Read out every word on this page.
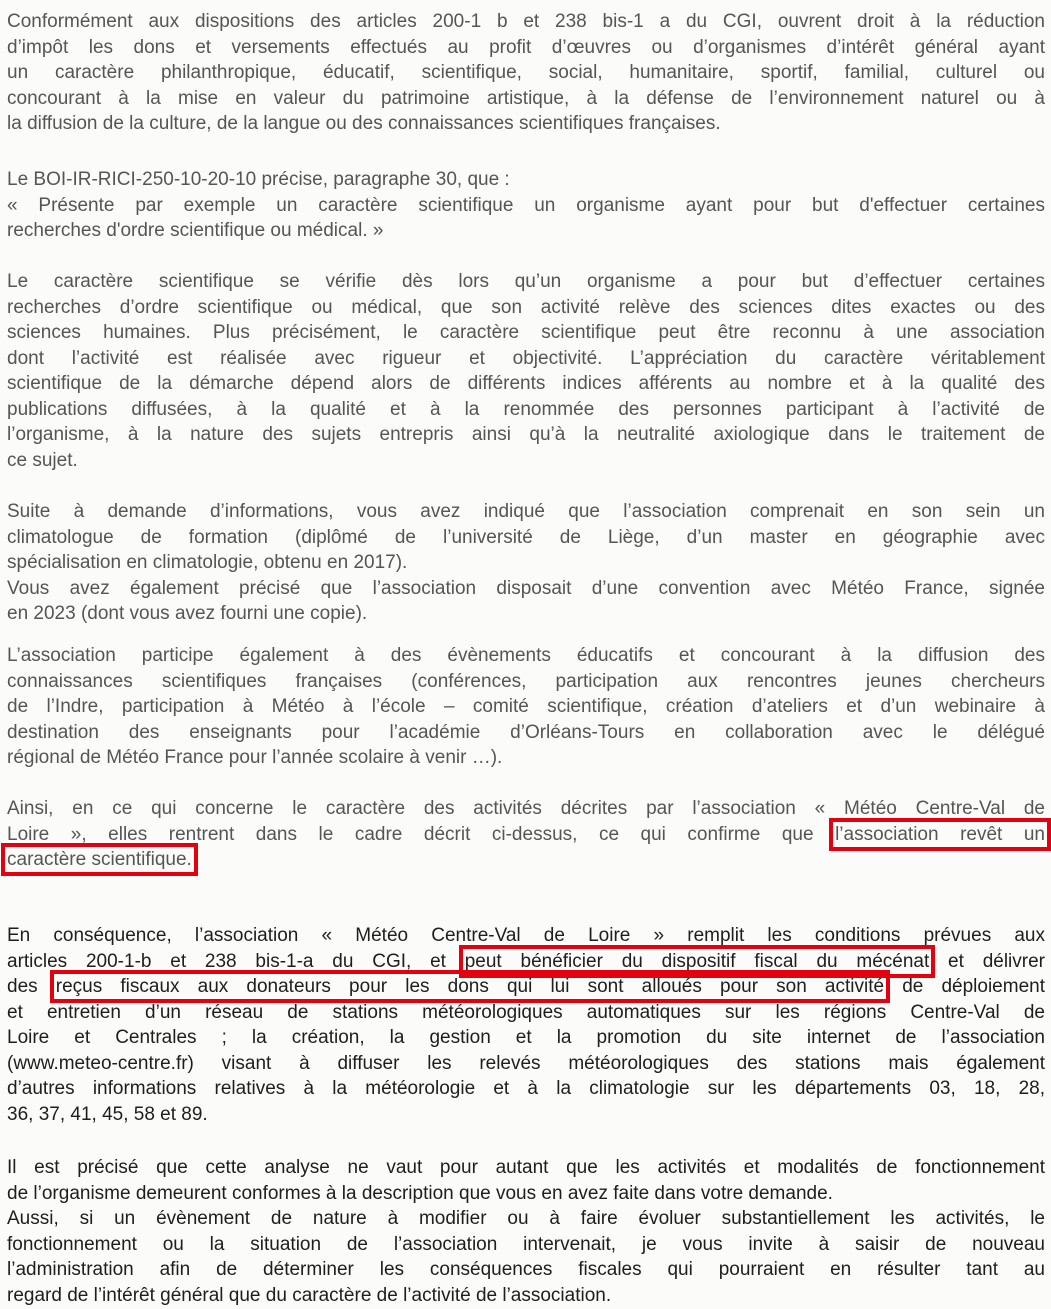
Conformément aux dispositions des articles 200-1 b et 238 bis-1 a du CGI, ouvrent droit à la réduction
d’impôt les dons et versements effectués au profit d’œuvres ou d’organismes d’intérêt général ayant
un caractère philanthropique, éducatif, scientifique, social, humanitaire, sportif, familial, culturel ou
concourant à la mise en valeur du patrimoine artistique, à la défense de l’environnement naturel ou à
la diffusion de la culture, de la langue ou des connaissances scientifiques françaises.

Le BOI-IR-RICI-250-10-20-10 précise, paragraphe 30, que :
« Présente par exemple un caractère scientifique un organisme ayant pour but d'effectuer certaines
recherches d'ordre scientifique ou médical. »

Le caractère scientifique se vérifie dès lors qu’un organisme a pour but d’effectuer certaines
recherches d’ordre scientifique ou médical, que son activité relève des sciences dites exactes ou des
sciences humaines. Plus précisément, le caractère scientifique peut être reconnu à une association
dont l’activité est réalisée avec rigueur et objectivité. L’appréciation du caractère véritablement
scientifique de la démarche dépend alors de différents indices afférents au nombre et à la qualité des
publications diffusées, à la qualité et à la renommée des personnes participant à l’activité de
l’organisme, à la nature des sujets entrepris ainsi qu’à la neutralité axiologique dans le traitement de
ce sujet.

Suite à demande d’informations, vous avez indiqué que l’association comprenait en son sein un
climatologue de formation (diplômé de l’université de Liège, d’un master en géographie avec
spécialisation en climatologie, obtenu en 2017).
Vous avez également précisé que l’association disposait d’une convention avec Météo France, signée
en 2023 (dont vous avez fourni une copie).

L’association participe également à des évènements éducatifs et concourant à la diffusion des
connaissances scientifiques françaises (conférences, participation aux rencontres jeunes chercheurs
de l’Indre, participation à Météo à l’école – comité scientifique, création d’ateliers et d’un webinaire à
destination des enseignants pour l’académie d’Orléans-Tours en collaboration avec le délégué
régional de Météo France pour l’année scolaire à venir …).

Ainsi, en ce qui concerne le caractère des activités décrites par l’association « Météo Centre-Val de
Loire », elles rentrent dans le cadre décrit ci-dessus, ce qui confirme que l’association revêt un
caractère scientifique.

En conséquence, l’association « Météo Centre-Val de Loire » remplit les conditions prévues aux
articles 200-1-b et 238 bis-1-a du CGI, et peut bénéficier du dispositif fiscal du mécénat et délivrer
des reçus fiscaux aux donateurs pour les dons qui lui sont alloués pour son activité de déploiement
et entretien d’un réseau de stations météorologiques automatiques sur les régions Centre-Val de
Loire et Centrales ; la création, la gestion et la promotion du site internet de l’association
(www.meteo-centre.fr) visant à diffuser les relevés météorologiques des stations mais également
d’autres informations relatives à la météorologie et à la climatologie sur les départements 03, 18, 28,
36, 37, 41, 45, 58 et 89.

Il est précisé que cette analyse ne vaut pour autant que les activités et modalités de fonctionnement
de l’organisme demeurent conformes à la description que vous en avez faite dans votre demande.
Aussi, si un évènement de nature à modifier ou à faire évoluer substantiellement les activités, le
fonctionnement ou la situation de l’association intervenait, je vous invite à saisir de nouveau
l’administration afin de déterminer les conséquences fiscales qui pourraient en résulter tant au
regard de l’intérêt général que du caractère de l’activité de l’association.
